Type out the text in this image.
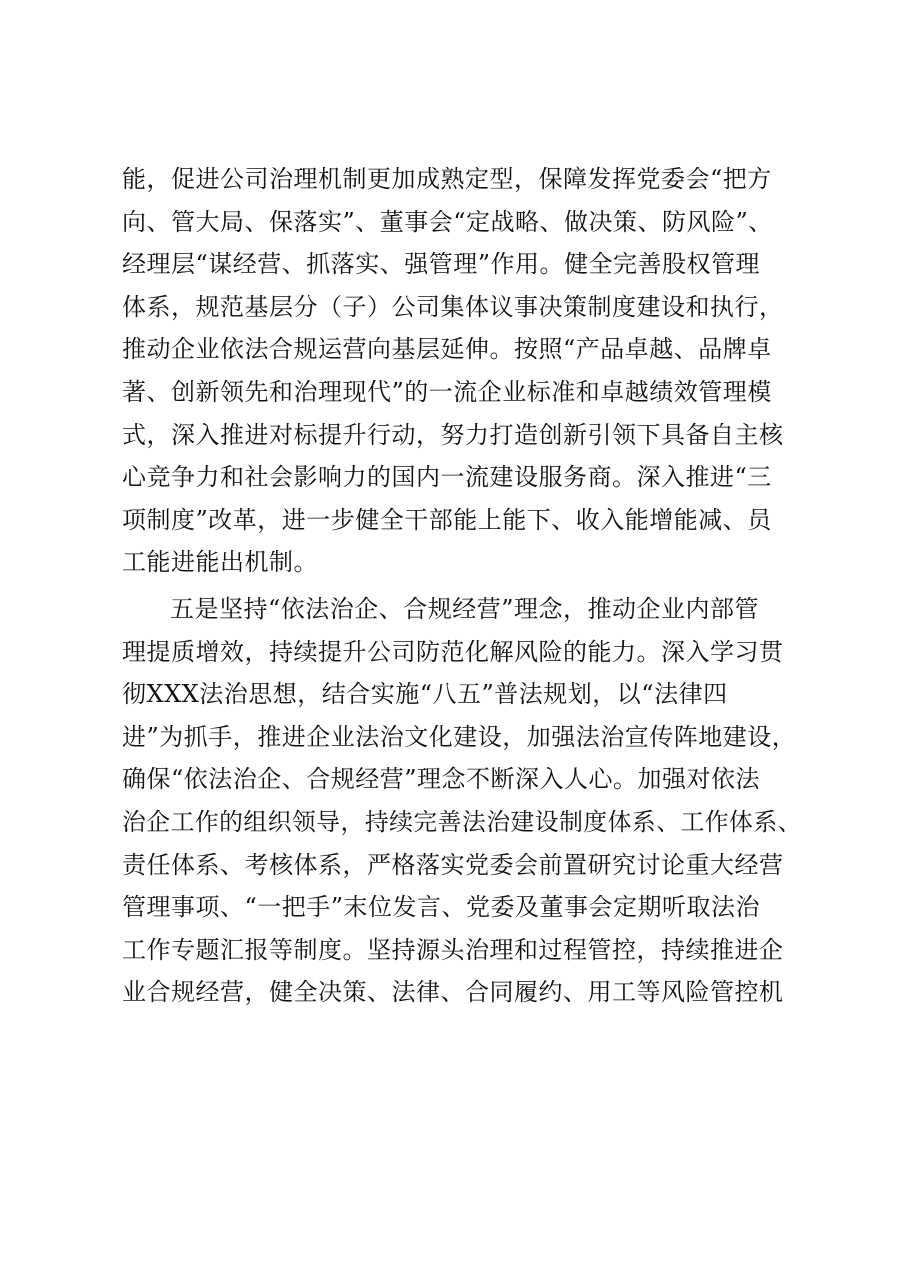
能，促进公司治理机制更加成熟定型，保障发挥党委会“把方
向、管大局、保落实”、董事会“定战略、做决策、防风险”、
经理层“谋经营、抓落实、强管理”作用。健全完善股权管理
体系，规范基层分（子）公司集体议事决策制度建设和执行，
推动企业依法合规运营向基层延伸。按照“产品卓越、品牌卓
著、创新领先和治理现代”的一流企业标准和卓越绩效管理模
式，深入推进对标提升行动，努力打造创新引领下具备自主核
心竞争力和社会影响力的国内一流建设服务商。深入推进“三
项制度”改革，进一步健全干部能上能下、收入能增能减、员
工能进能出机制。
五是坚持“依法治企、合规经营”理念，推动企业内部管
理提质增效，持续提升公司防范化解风险的能力。深入学习贯
彻XXX法治思想，结合实施“八五”普法规划，以“法律四
进”为抓手，推进企业法治文化建设，加强法治宣传阵地建设，
确保“依法治企、合规经营”理念不断深入人心。加强对依法
治企工作的组织领导，持续完善法治建设制度体系、工作体系、
责任体系、考核体系，严格落实党委会前置研究讨论重大经营
管理事项、“一把手”末位发言、党委及董事会定期听取法治
工作专题汇报等制度。坚持源头治理和过程管控，持续推进企
业合规经营，健全决策、法律、合同履约、用工等风险管控机
